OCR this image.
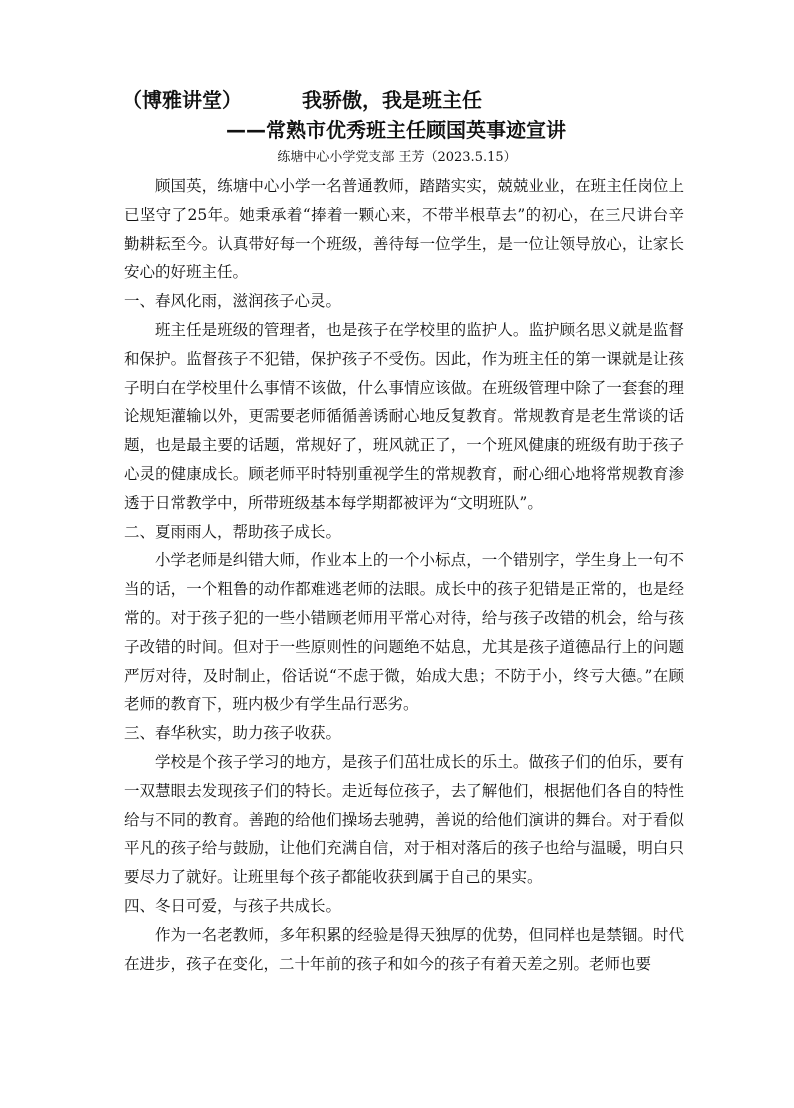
（博雅讲堂）	我骄傲，我是班主任
——常熟市优秀班主任顾国英事迹宣讲
练塘中心小学党支部 王芳（2023.5.15）

顾国英，练塘中心小学一名普通教师，踏踏实实，兢兢业业，在班主任岗位上已坚守了25年。她秉承着“捧着一颗心来，不带半根草去”的初心，在三尺讲台辛勤耕耘至今。认真带好每一个班级，善待每一位学生，是一位让领导放心，让家长安心的好班主任。

一、春风化雨，滋润孩子心灵。

班主任是班级的管理者，也是孩子在学校里的监护人。监护顾名思义就是监督和保护。监督孩子不犯错，保护孩子不受伤。因此，作为班主任的第一课就是让孩子明白在学校里什么事情不该做，什么事情应该做。在班级管理中除了一套套的理论规矩灌输以外，更需要老师循循善诱耐心地反复教育。常规教育是老生常谈的话题，也是最主要的话题，常规好了，班风就正了，一个班风健康的班级有助于孩子心灵的健康成长。顾老师平时特别重视学生的常规教育，耐心细心地将常规教育渗透于日常教学中，所带班级基本每学期都被评为“文明班队”。

二、夏雨雨人，帮助孩子成长。

小学老师是纠错大师，作业本上的一个小标点，一个错别字，学生身上一句不当的话，一个粗鲁的动作都难逃老师的法眼。成长中的孩子犯错是正常的，也是经常的。对于孩子犯的一些小错顾老师用平常心对待，给与孩子改错的机会，给与孩子改错的时间。但对于一些原则性的问题绝不姑息，尤其是孩子道德品行上的问题严厉对待，及时制止，俗话说“不虑于微，始成大患；不防于小，终亏大德。”在顾老师的教育下，班内极少有学生品行恶劣。

三、春华秋实，助力孩子收获。

学校是个孩子学习的地方，是孩子们茁壮成长的乐土。做孩子们的伯乐，要有一双慧眼去发现孩子们的特长。走近每位孩子，去了解他们，根据他们各自的特性给与不同的教育。善跑的给他们操场去驰骋，善说的给他们演讲的舞台。对于看似平凡的孩子给与鼓励，让他们充满自信，对于相对落后的孩子也给与温暖，明白只要尽力了就好。让班里每个孩子都能收获到属于自己的果实。

四、冬日可爱，与孩子共成长。

作为一名老教师，多年积累的经验是得天独厚的优势，但同样也是禁锢。时代在进步，孩子在变化，二十年前的孩子和如今的孩子有着天差之别。老师也要
